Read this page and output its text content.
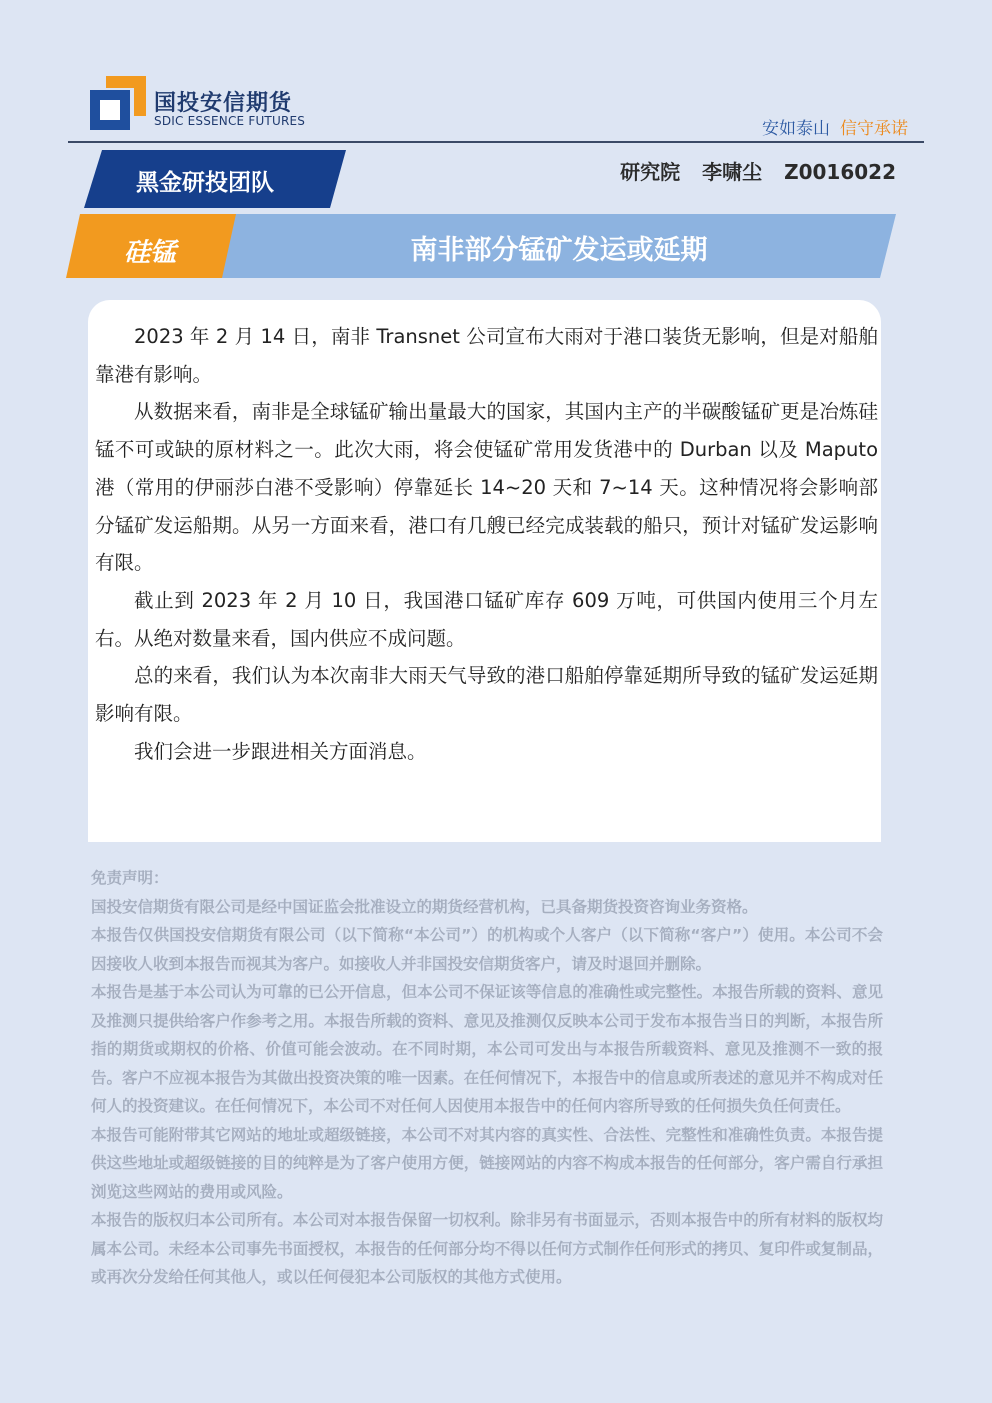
国投安信期货
SDIC ESSENCE FUTURES	安如泰山 信守承诺
黑金研投团队	研究院 李啸尘 Z0016022
硅锰	南非部分锰矿发运或延期

2023 年 2 月 14 日，南非 Transnet 公司宣布大雨对于港口装货无影响，但是对船舶靠港有影响。

从数据来看，南非是全球锰矿输出量最大的国家，其国内主产的半碳酸锰矿更是冶炼硅锰不可或缺的原材料之一。此次大雨，将会使锰矿常用发货港中的 Durban 以及 Maputo 港（常用的伊丽莎白港不受影响）停靠延长 14~20 天和 7~14 天。这种情况将会影响部分锰矿发运船期。从另一方面来看，港口有几艘已经完成装载的船只，预计对锰矿发运影响有限。

截止到 2023 年 2 月 10 日，我国港口锰矿库存 609 万吨，可供国内使用三个月左右。从绝对数量来看，国内供应不成问题。

总的来看，我们认为本次南非大雨天气导致的港口船舶停靠延期所导致的锰矿发运延期影响有限。

我们会进一步跟进相关方面消息。

免责声明：

国投安信期货有限公司是经中国证监会批准设立的期货经营机构，已具备期货投资咨询业务资格。

本报告仅供国投安信期货有限公司（以下简称“本公司”）的机构或个人客户（以下简称“客户”）使用。本公司不会因接收人收到本报告而视其为客户。如接收人并非国投安信期货客户，请及时退回并删除。

本报告是基于本公司认为可靠的已公开信息，但本公司不保证该等信息的准确性或完整性。本报告所载的资料、意见及推测只提供给客户作参考之用。本报告所载的资料、意见及推测仅反映本公司于发布本报告当日的判断，本报告所指的期货或期权的价格、价值可能会波动。在不同时期，本公司可发出与本报告所载资料、意见及推测不一致的报告。客户不应视本报告为其做出投资决策的唯一因素。在任何情况下，本报告中的信息或所表述的意见并不构成对任何人的投资建议。在任何情况下，本公司不对任何人因使用本报告中的任何内容所导致的任何损失负任何责任。

本报告可能附带其它网站的地址或超级链接，本公司不对其内容的真实性、合法性、完整性和准确性负责。本报告提供这些地址或超级链接的目的纯粹是为了客户使用方便，链接网站的内容不构成本报告的任何部分，客户需自行承担浏览这些网站的费用或风险。

本报告的版权归本公司所有。本公司对本报告保留一切权利。除非另有书面显示，否则本报告中的所有材料的版权均属本公司。未经本公司事先书面授权，本报告的任何部分均不得以任何方式制作任何形式的拷贝、复印件或复制品，或再次分发给任何其他人，或以任何侵犯本公司版权的其他方式使用。
